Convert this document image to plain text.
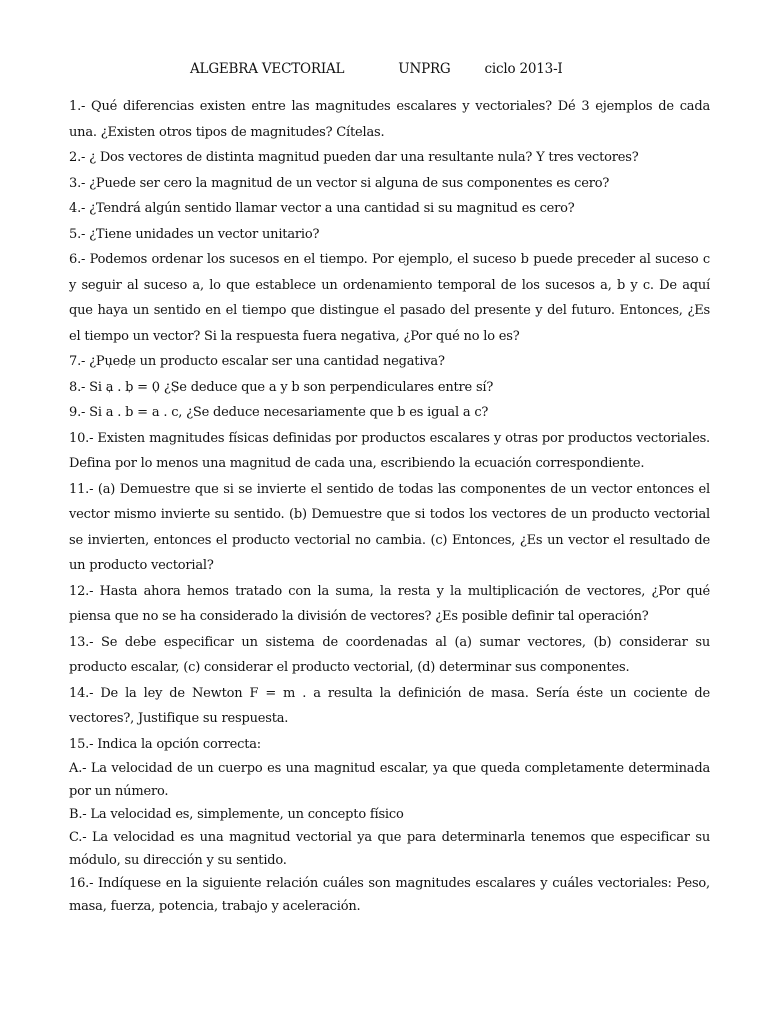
ALGEBRA VECTORIAL	UNPRG	ciclo 2013-I

1.- Qué diferencias existen entre las magnitudes escalares y vectoriales? Dé 3 ejemplos de cada una. ¿Existen otros tipos de magnitudes? Cítelas.

2.- ¿ Dos vectores de distinta magnitud pueden dar una resultante nula? Y tres vectores?

3.- ¿Puede ser cero la magnitud de un vector si alguna de sus componentes es cero?

4.- ¿Tendrá algún sentido llamar vector a una cantidad si su magnitud es cero?

5.- ¿Tiene unidades un vector unitario?

6.- Podemos ordenar los sucesos en el tiempo. Por ejemplo, el suceso b puede preceder al suceso c y seguir al suceso a, lo que establece un ordenamiento temporal de los sucesos a, b y c. De aquí que haya un sentido en el tiempo que distingue el pasado del presente y del futuro. Entonces, ¿Es el tiempo un vector? Si la respuesta fuera negativa, ¿Por qué no lo es?

7.- ¿Puede un producto escalar ser una cantidad negativa?

8.- Si ' a . ' b = 0 ¿Se deduce que a y b son perpendiculares entre sí?

9.- Si ' a . ' b = ' a . ' c, ¿Se deduce necesariamente que b es igual a c?

10.- Existen magnitudes físicas definidas por productos escalares y otras por productos vectoriales. Defina por lo menos una magnitud de cada una, escribiendo la ecuación correspondiente.

11.- (a) Demuestre que si se invierte el sentido de todas las componentes de un vector entonces el vector mismo invierte su sentido. (b) Demuestre que si todos los vectores de un producto vectorial se invierten, entonces el producto vectorial no cambia. (c) Entonces, ¿Es un vector el resultado de un producto vectorial?

12.- Hasta ahora hemos tratado con la suma, la resta y la multiplicación de vectores, ¿Por qué piensa que no se ha considerado la división de vectores? ¿Es posible definir tal operación?

13.- Se debe especificar un sistema de coordenadas al (a) sumar vectores, (b) considerar su producto escalar, (c) considerar el producto vectorial, (d) determinar sus componentes.

14.- De la ley de Newton F = m . a resulta la definición de masa. Sería éste un cociente de vectores?, Justifique su respuesta.

15.- Indica la opción correcta:

A.- La velocidad de un cuerpo es una magnitud escalar, ya que queda completamente determinada por un número.

B.- La velocidad es, simplemente, un concepto físico

C.- La velocidad es una magnitud vectorial ya que para determinarla tenemos que especificar su módulo, su dirección y su sentido.

16.- Indíquese en la siguiente relación cuáles son magnitudes escalares y cuáles vectoriales: Peso, masa, fuerza, potencia, trabajo y aceleración.
